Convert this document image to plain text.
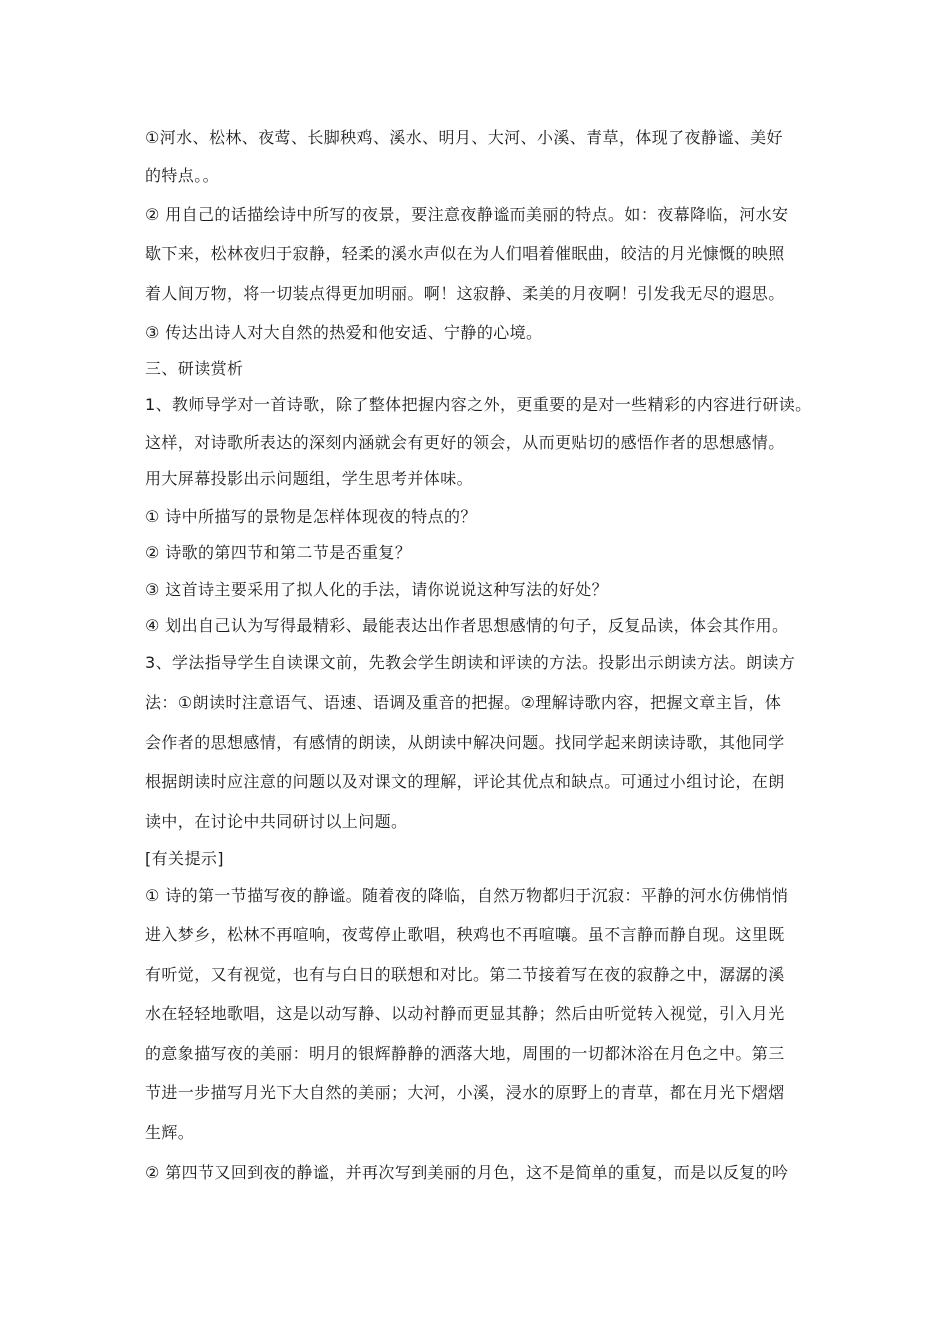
①河水、松林、夜莺、长脚秧鸡、溪水、明月、大河、小溪、青草，体现了夜静谧、美好
的特点。。
② 用自己的话描绘诗中所写的夜景，要注意夜静谧而美丽的特点。如：夜幕降临，河水安
歇下来，松林夜归于寂静，轻柔的溪水声似在为人们唱着催眠曲，皎洁的月光慷慨的映照
着人间万物，将一切装点得更加明丽。啊！这寂静、柔美的月夜啊！引发我无尽的遐思。
③ 传达出诗人对大自然的热爱和他安适、宁静的心境。
三、研读赏析
1、教师导学对一首诗歌，除了整体把握内容之外，更重要的是对一些精彩的内容进行研读。
这样，对诗歌所表达的深刻内涵就会有更好的领会，从而更贴切的感悟作者的思想感情。
用大屏幕投影出示问题组，学生思考并体味。
① 诗中所描写的景物是怎样体现夜的特点的？
② 诗歌的第四节和第二节是否重复？
③ 这首诗主要采用了拟人化的手法，请你说说这种写法的好处？
④ 划出自己认为写得最精彩、最能表达出作者思想感情的句子，反复品读，体会其作用。
3、学法指导学生自读课文前，先教会学生朗读和评读的方法。投影出示朗读方法。朗读方
法：①朗读时注意语气、语速、语调及重音的把握。②理解诗歌内容，把握文章主旨，体
会作者的思想感情，有感情的朗读，从朗读中解决问题。找同学起来朗读诗歌，其他同学
根据朗读时应注意的问题以及对课文的理解，评论其优点和缺点。可通过小组讨论，在朗
读中，在讨论中共同研讨以上问题。
[有关提示]
① 诗的第一节描写夜的静谧。随着夜的降临，自然万物都归于沉寂：平静的河水仿佛悄悄
进入梦乡，松林不再喧响，夜莺停止歌唱，秧鸡也不再喧嚷。虽不言静而静自现。这里既
有听觉，又有视觉，也有与白日的联想和对比。第二节接着写在夜的寂静之中，潺潺的溪
水在轻轻地歌唱，这是以动写静、以动衬静而更显其静；然后由听觉转入视觉，引入月光
的意象描写夜的美丽：明月的银辉静静的洒落大地，周围的一切都沐浴在月色之中。第三
节进一步描写月光下大自然的美丽；大河，小溪，浸水的原野上的青草，都在月光下熠熠
生辉。
② 第四节又回到夜的静谧，并再次写到美丽的月色，这不是简单的重复，而是以反复的吟
